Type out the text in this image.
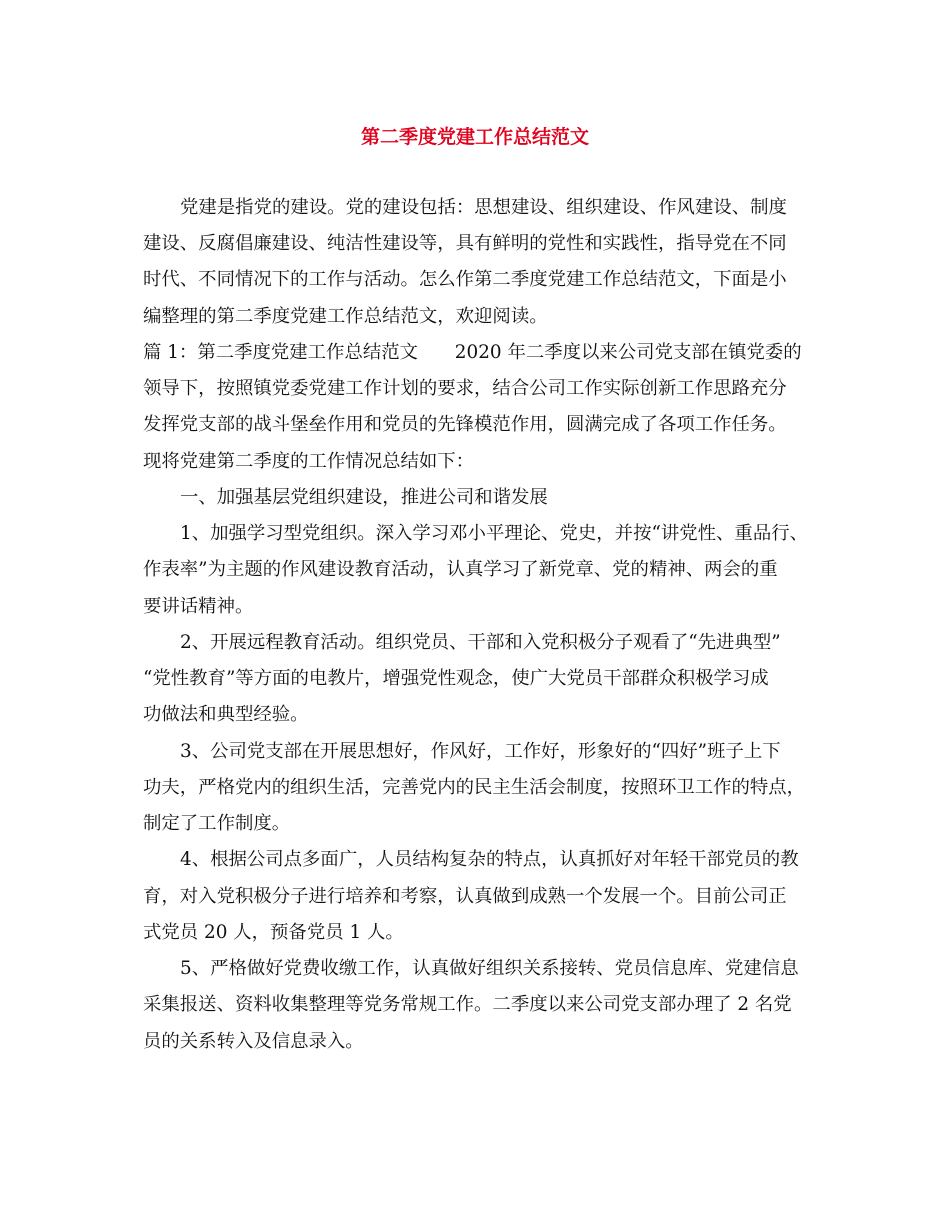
第二季度党建工作总结范文
党建是指党的建设。党的建设包括：思想建设、组织建设、作风建设、制度
建设、反腐倡廉建设、纯洁性建设等，具有鲜明的党性和实践性，指导党在不同
时代、不同情况下的工作与活动。怎么作第二季度党建工作总结范文，下面是小
编整理的第二季度党建工作总结范文，欢迎阅读。
篇 1：第二季度党建工作总结范文　　2020 年二季度以来公司党支部在镇党委的
领导下，按照镇党委党建工作计划的要求，结合公司工作实际创新工作思路充分
发挥党支部的战斗堡垒作用和党员的先锋模范作用，圆满完成了各项工作任务。
现将党建第二季度的工作情况总结如下：
一、加强基层党组织建设，推进公司和谐发展
1、加强学习型党组织。深入学习邓小平理论、党史，并按“讲党性、重品行、
作表率”为主题的作风建设教育活动，认真学习了新党章、党的精神、两会的重
要讲话精神。
2、开展远程教育活动。组织党员、干部和入党积极分子观看了“先进典型”
“党性教育”等方面的电教片，增强党性观念，使广大党员干部群众积极学习成
功做法和典型经验。
3、公司党支部在开展思想好，作风好，工作好，形象好的“四好”班子上下
功夫，严格党内的组织生活，完善党内的民主生活会制度，按照环卫工作的特点，
制定了工作制度。
4、根据公司点多面广，人员结构复杂的特点，认真抓好对年轻干部党员的教
育，对入党积极分子进行培养和考察，认真做到成熟一个发展一个。目前公司正
式党员 20 人，预备党员 1 人。
5、严格做好党费收缴工作，认真做好组织关系接转、党员信息库、党建信息
采集报送、资料收集整理等党务常规工作。二季度以来公司党支部办理了 2 名党
员的关系转入及信息录入。
